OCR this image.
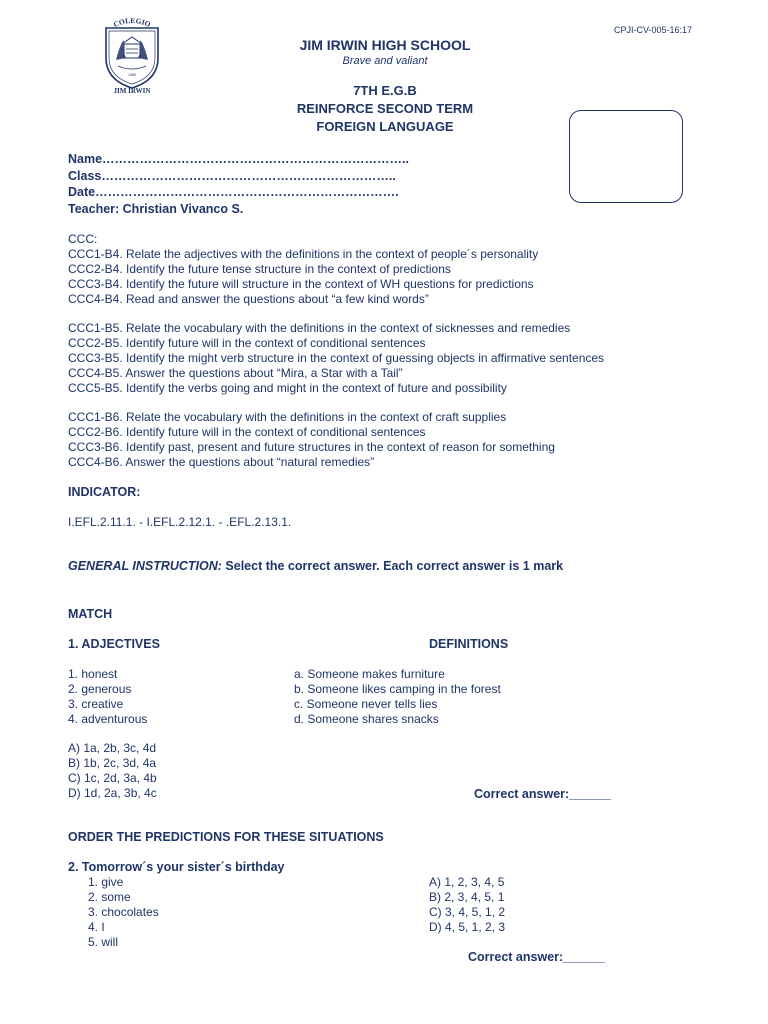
CPJI-CV-005-16:17
COLEGIO
1989
JIM IRWIN
JIM IRWIN HIGH SCHOOL
Brave and valiant
7TH E.G.B
REINFORCE SECOND TERM
FOREIGN LANGUAGE
Name………………………………………………………………..
Class……………………………………………………………..
Date……………………………………………………………….
Teacher: Christian Vivanco S.
CCC:
CCC1-B4. Relate the adjectives with the definitions in the context of people´s personality
CCC2-B4. Identify the future tense structure in the context of predictions
CCC3-B4. Identify the future will structure in the context of WH questions for predictions
CCC4-B4. Read and answer the questions about “a few kind words”
CCC1-B5. Relate the vocabulary with the definitions in the context of sicknesses and remedies
CCC2-B5. Identify future will in the context of conditional sentences
CCC3-B5. Identify the might verb structure in the context of guessing objects in affirmative sentences
CCC4-B5. Answer the questions about “Mira, a Star with a Tail”
CCC5-B5. Identify the verbs going and might in the context of future and possibility
CCC1-B6. Relate the vocabulary with the definitions in the context of craft supplies
CCC2-B6. Identify future will in the context of conditional sentences
CCC3-B6. Identify past, present and future structures in the context of reason for something
CCC4-B6. Answer the questions about “natural remedies”
INDICATOR:
I.EFL.2.11.1. - I.EFL.2.12.1. - .EFL.2.13.1.
GENERAL INSTRUCTION: Select the correct answer. Each correct answer is 1 mark
MATCH
1. ADJECTIVES	DEFINITIONS
1. honest
2. generous
3. creative
4. adventurous
a. Someone makes furniture
b. Someone likes camping in the forest
c. Someone never tells lies
d. Someone shares snacks
A) 1a, 2b, 3c, 4d
B) 1b, 2c, 3d, 4a
C) 1c, 2d, 3a, 4b
D) 1d, 2a, 3b, 4c	Correct answer:______
ORDER THE PREDICTIONS FOR THESE SITUATIONS
2. Tomorrow´s your sister´s birthday
1. give
2. some
3. chocolates
4. I
5. will
A) 1, 2, 3, 4, 5
B) 2, 3, 4, 5, 1
C) 3, 4, 5, 1, 2
D) 4, 5, 1, 2, 3
Correct answer:______
